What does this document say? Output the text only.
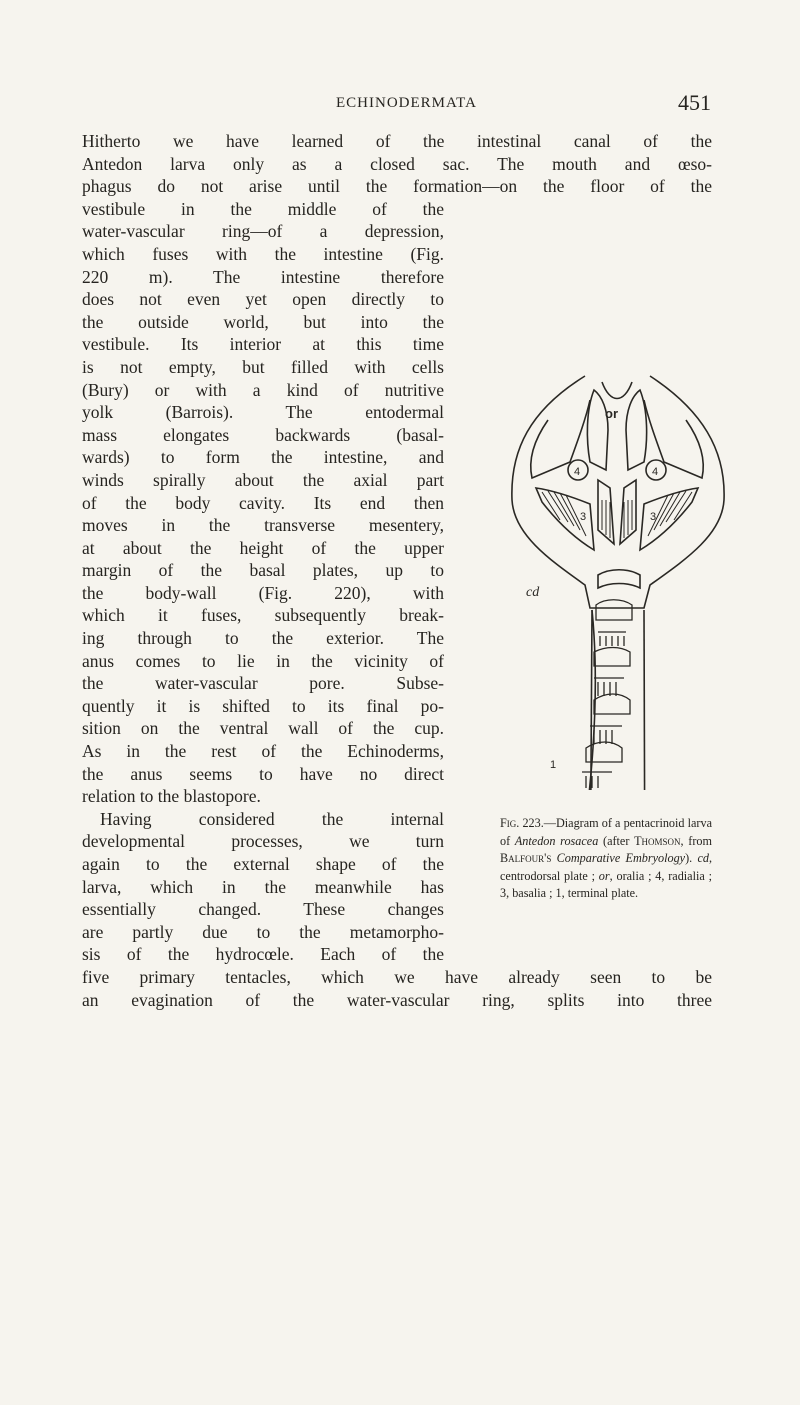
ECHINODERMATA	451
Hitherto we have learned of the intestinal canal of the
Antedon larva only as a closed sac. The mouth and œso-
phagus do not arise until the formation—on the floor of the
vestibule in the middle of the
water-vascular ring—of a depression,
which fuses with the intestine (Fig.
220 m). The intestine therefore
does not even yet open directly to
the outside world, but into the
vestibule. Its interior at this time
is not empty, but filled with cells
(Bury) or with a kind of nutritive
yolk (Barrois). The entodermal
mass elongates backwards (basal-
wards) to form the intestine, and
winds spirally about the axial part
of the body cavity. Its end then
moves in the transverse mesentery,
at about the height of the upper
margin of the basal plates, up to
the body-wall (Fig. 220), with
which it fuses, subsequently break-
ing through to the exterior. The
anus comes to lie in the vicinity of
the water-vascular pore. Subse-
quently it is shifted to its final po-
sition on the ventral wall of the cup.
As in the rest of the Echinoderms,
the anus seems to have no direct
relation to the blastopore.
Having considered the internal
developmental processes, we turn
again to the external shape of the
larva, which in the meanwhile has
essentially changed. These changes
are partly due to the metamorpho-
sis of the hydrocœle. Each of the
five primary tentacles, which we have already seen to be
an evagination of the water-vascular ring, splits into three
or
4	4
3	3
cd
1
Fig. 223.—Diagram of a pentacrinoid larva of Antedon rosacea (after Thomson, from Balfour's Comparative Embryology). cd, centrodorsal plate ; or, oralia ; 4, radialia ; 3, basalia ; 1, terminal plate.
